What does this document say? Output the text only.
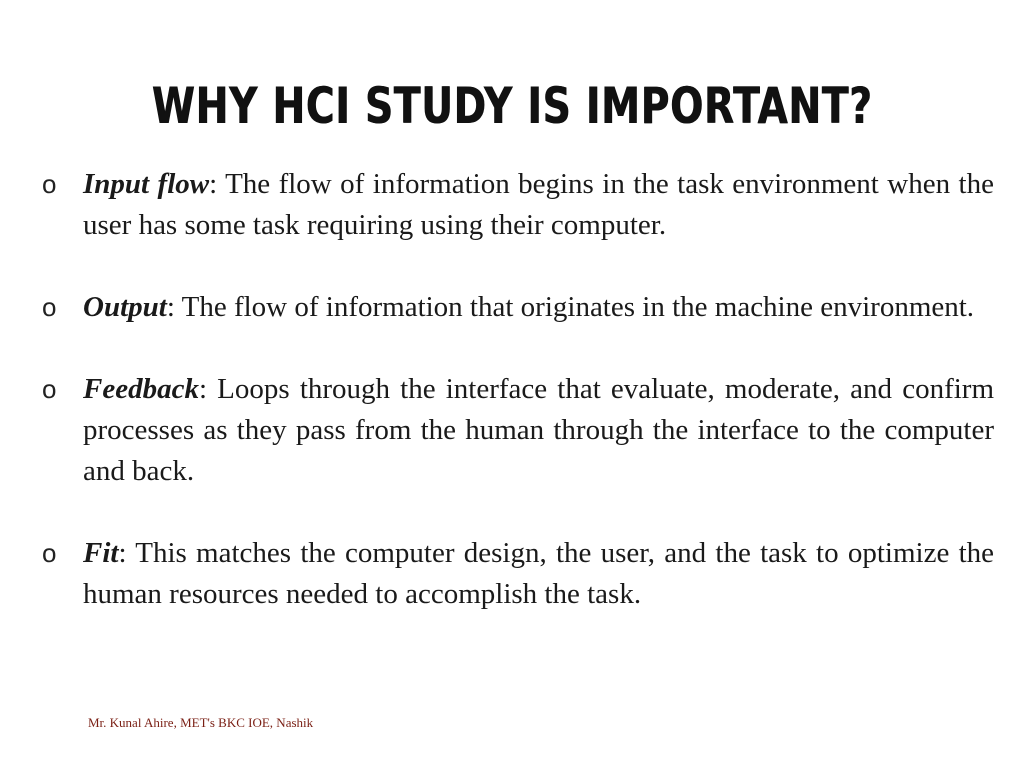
WHY HCI STUDY IS IMPORTANT?
o Input flow: The flow of information begins in the task environment when the user has some task requiring using their computer.
o Output: The flow of information that originates in the machine environment.
o Feedback: Loops through the interface that evaluate, moderate, and confirm processes as they pass from the human through the interface to the computer and back.
o Fit: This matches the computer design, the user, and the task to optimize the human resources needed to accomplish the task.
Mr. Kunal Ahire, MET's BKC IOE, Nashik
